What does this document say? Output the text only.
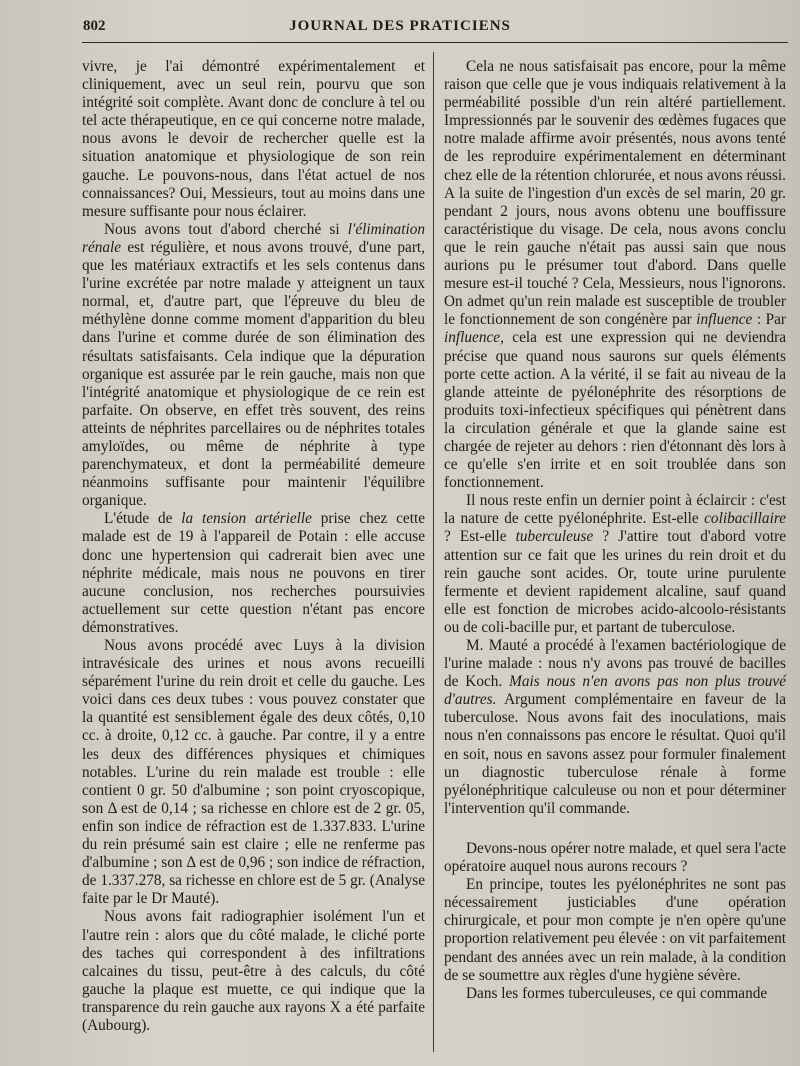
802	JOURNAL DES PRATICIENS

vivre, je l'ai démontré expérimentalement et cliniquement, avec un seul rein, pourvu que son intégrité soit complète. Avant donc de conclure à tel ou tel acte thérapeutique, en ce qui concerne notre malade, nous avons le devoir de rechercher quelle est la situation anatomique et physiologique de son rein gauche. Le pouvons-nous, dans l'état actuel de nos connaissances? Oui, Messieurs, tout au moins dans une mesure suffisante pour nous éclairer.

Nous avons tout d'abord cherché si l'élimination rénale est régulière, et nous avons trouvé, d'une part, que les matériaux extractifs et les sels contenus dans l'urine excrétée par notre malade y atteignent un taux normal, et, d'autre part, que l'épreuve du bleu de méthylène donne comme moment d'apparition du bleu dans l'urine et comme durée de son élimination des résultats satisfaisants. Cela indique que la dépuration organique est assurée par le rein gauche, mais non que l'intégrité anatomique et physiologique de ce rein est parfaite. On observe, en effet très souvent, des reins atteints de néphrites parcellaires ou de néphrites totales amyloïdes, ou même de néphrite à type parenchymateux, et dont la perméabilité demeure néanmoins suffisante pour maintenir l'équilibre organique.

L'étude de la tension artérielle prise chez cette malade est de 19 à l'appareil de Potain : elle accuse donc une hypertension qui cadrerait bien avec une néphrite médicale, mais nous ne pouvons en tirer aucune conclusion, nos recherches poursuivies actuellement sur cette question n'étant pas encore démonstratives.

Nous avons procédé avec Luys à la division intravésicale des urines et nous avons recueilli séparément l'urine du rein droit et celle du gauche. Les voici dans ces deux tubes : vous pouvez constater que la quantité est sensiblement égale des deux côtés, 0,10 cc. à droite, 0,12 cc. à gauche. Par contre, il y a entre les deux des différences physiques et chimiques notables. L'urine du rein malade est trouble : elle contient 0 gr. 50 d'albumine ; son point cryoscopique, son Δ est de 0,14 ; sa richesse en chlore est de 2 gr. 05, enfin son indice de réfraction est de 1.337.833. L'urine du rein présumé sain est claire ; elle ne renferme pas d'albumine ; son Δ est de 0,96 ; son indice de réfraction, de 1.337.278, sa richesse en chlore est de 5 gr. (Analyse faite par le Dr Mauté).

Nous avons fait radiographier isolément l'un et l'autre rein : alors que du côté malade, le cliché porte des taches qui correspondent à des infiltrations calcaines du tissu, peut-être à des calculs, du côté gauche la plaque est muette, ce qui indique que la transparence du rein gauche aux rayons X a été parfaite (Aubourg).

Cela ne nous satisfaisait pas encore, pour la même raison que celle que je vous indiquais relativement à la perméabilité possible d'un rein altéré partiellement. Impressionnés par le souvenir des œdèmes fugaces que notre malade affirme avoir présentés, nous avons tenté de les reproduire expérimentalement en déterminant chez elle de la rétention chlorurée, et nous avons réussi. A la suite de l'ingestion d'un excès de sel marin, 20 gr. pendant 2 jours, nous avons obtenu une bouffissure caractéristique du visage. De cela, nous avons conclu que le rein gauche n'était pas aussi sain que nous aurions pu le présumer tout d'abord. Dans quelle mesure est-il touché ? Cela, Messieurs, nous l'ignorons. On admet qu'un rein malade est susceptible de troubler le fonctionnement de son congénère par influence : Par influence, cela est une expression qui ne deviendra précise que quand nous saurons sur quels éléments porte cette action. A la vérité, il se fait au niveau de la glande atteinte de pyélonéphrite des résorptions de produits toxi-infectieux spécifiques qui pénètrent dans la circulation générale et que la glande saine est chargée de rejeter au dehors : rien d'étonnant dès lors à ce qu'elle s'en irrite et en soit troublée dans son fonctionnement.

Il nous reste enfin un dernier point à éclaircir : c'est la nature de cette pyélonéphrite. Est-elle colibacillaire ? Est-elle tuberculeuse ? J'attire tout d'abord votre attention sur ce fait que les urines du rein droit et du rein gauche sont acides. Or, toute urine purulente fermente et devient rapidement alcaline, sauf quand elle est fonction de microbes acido-alcoolo-résistants ou de coli-bacille pur, et partant de tuberculose.

M. Mauté a procédé à l'examen bactériologique de l'urine malade : nous n'y avons pas trouvé de bacilles de Koch. Mais nous n'en avons pas non plus trouvé d'autres. Argument complémentaire en faveur de la tuberculose. Nous avons fait des inoculations, mais nous n'en connaissons pas encore le résultat. Quoi qu'il en soit, nous en savons assez pour formuler finalement un diagnostic tuberculose rénale à forme pyélonéphritique calculeuse ou non et pour déterminer l'intervention qu'il commande.

Devons-nous opérer notre malade, et quel sera l'acte opératoire auquel nous aurons recours ?

En principe, toutes les pyélonéphrites ne sont pas nécessairement justiciables d'une opération chirurgicale, et pour mon compte je n'en opère qu'une proportion relativement peu élevée : on vit parfaitement pendant des années avec un rein malade, à la condition de se soumettre aux règles d'une hygiène sévère.

Dans les formes tuberculeuses, ce qui commande
